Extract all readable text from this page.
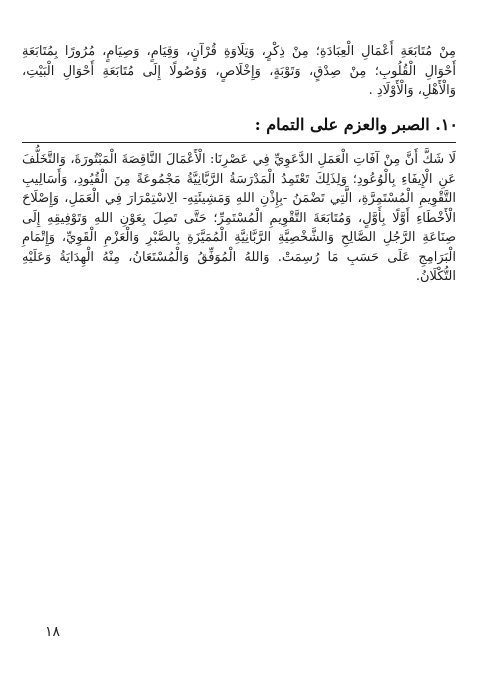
مِنْ مُتَابَعَةِ أَعْمَالِ الْعِبَادَةِ؛ مِنْ ذِكْرٍ، وَتِلَاوَةِ قُرْآنٍ، وَقِيَامٍ، وَصِيَامٍ، مُرُورًا بِمُتَابَعَةِ أَحْوَالِ الْقُلُوبِ؛ مِنْ صِدْقٍ، وَتَوْبَةٍ، وَإِخْلَاصٍ، وَوُصُولًا إِلَى مُتَابَعَةِ أَحْوَالِ الْبَيْتِ، وَالْأَهْلِ، وَالْأَوْلَادِ .

١٠. الصبر والعزم على التمام :

لَا شَكَّ أَنَّ مِنْ آفَاتِ الْعَمَلِ الدَّعَوِيِّ فِي عَصْرِنَا: الْأَعْمَالَ النَّاقِصَةَ الْمَبْتُورَةَ، وَالتَّخَلُّفَ عَنِ الْإِيفَاءِ بِالْوُعُودِ؛ وَلِذَلِكَ تَعْتَمِدُ الْمَدْرَسَةُ الرَّبَّانِيَّةُ مَجْمُوعَةً مِنَ الْقُيُودِ، وَأَسَالِيبِ التَّقْوِيمِ الْمُسْتَمِرَّةِ، الَّتِي تَضْمَنُ -بِإِذْنِ اللهِ وَمَشِيئَتِهِ- الِاسْتِمْرَارَ فِي الْعَمَلِ، وَإِصْلَاحَ الْأَخْطَاءِ أَوَّلًا بِأَوَّلٍ، وَمُتَابَعَةَ التَّقْوِيمِ الْمُسْتَمِرِّ؛ حَتَّى تَصِلَ بِعَوْنِ اللهِ وَتَوْفِيقِهِ إِلَى صِنَاعَةِ الرَّجُلِ الصَّالِحِ وَالشَّخْصِيَّةِ الرَّبَّانِيَّةِ الْمُمَيَّزَةِ بِالصَّبْرِ وَالْعَزْمِ الْقَوِيِّ، وَإِتْمَامِ الْبَرَامِجِ عَلَى حَسَبِ مَا رُسِمَتْ. وَاللهُ الْمُوَفِّقُ وَالْمُسْتَعَانُ، مِنْهُ الْهِدَايَةُ وَعَلَيْهِ التُّكْلَانُ.

١٨
